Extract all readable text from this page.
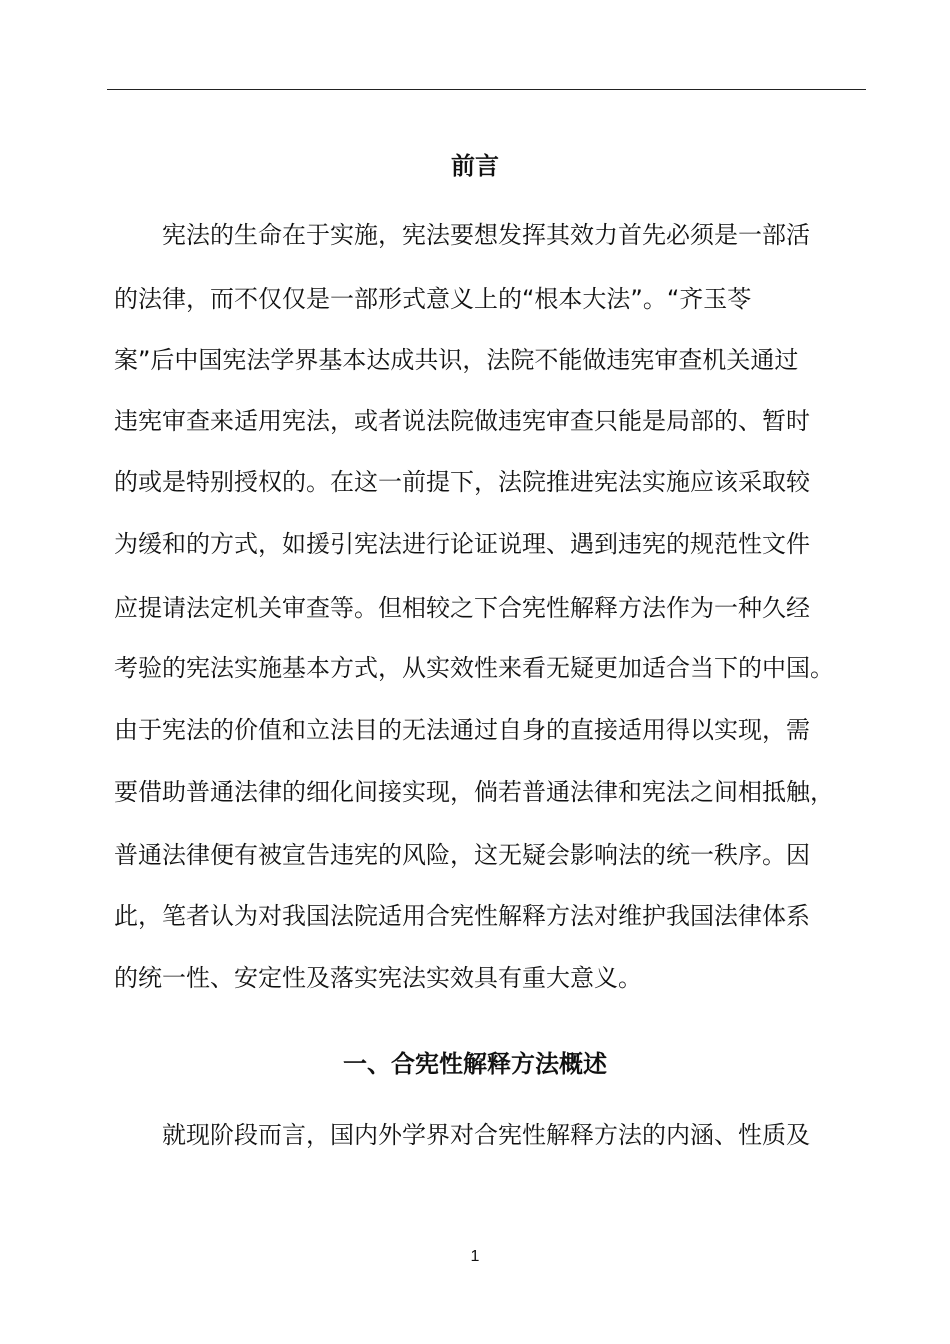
前言
　　宪法的生命在于实施，宪法要想发挥其效力首先必须是一部活
的法律，而不仅仅是一部形式意义上的“根本大法”。“齐玉苓
案”后中国宪法学界基本达成共识，法院不能做违宪审查机关通过
违宪审查来适用宪法，或者说法院做违宪审查只能是局部的、暂时
的或是特别授权的。在这一前提下，法院推进宪法实施应该采取较
为缓和的方式，如援引宪法进行论证说理、遇到违宪的规范性文件
应提请法定机关审查等。但相较之下合宪性解释方法作为一种久经
考验的宪法实施基本方式，从实效性来看无疑更加适合当下的中国。
由于宪法的价值和立法目的无法通过自身的直接适用得以实现，需
要借助普通法律的细化间接实现，倘若普通法律和宪法之间相抵触，
普通法律便有被宣告违宪的风险，这无疑会影响法的统一秩序。因
此，笔者认为对我国法院适用合宪性解释方法对维护我国法律体系
的统一性、安定性及落实宪法实效具有重大意义。
一、合宪性解释方法概述
　　就现阶段而言，国内外学界对合宪性解释方法的内涵、性质及
1
